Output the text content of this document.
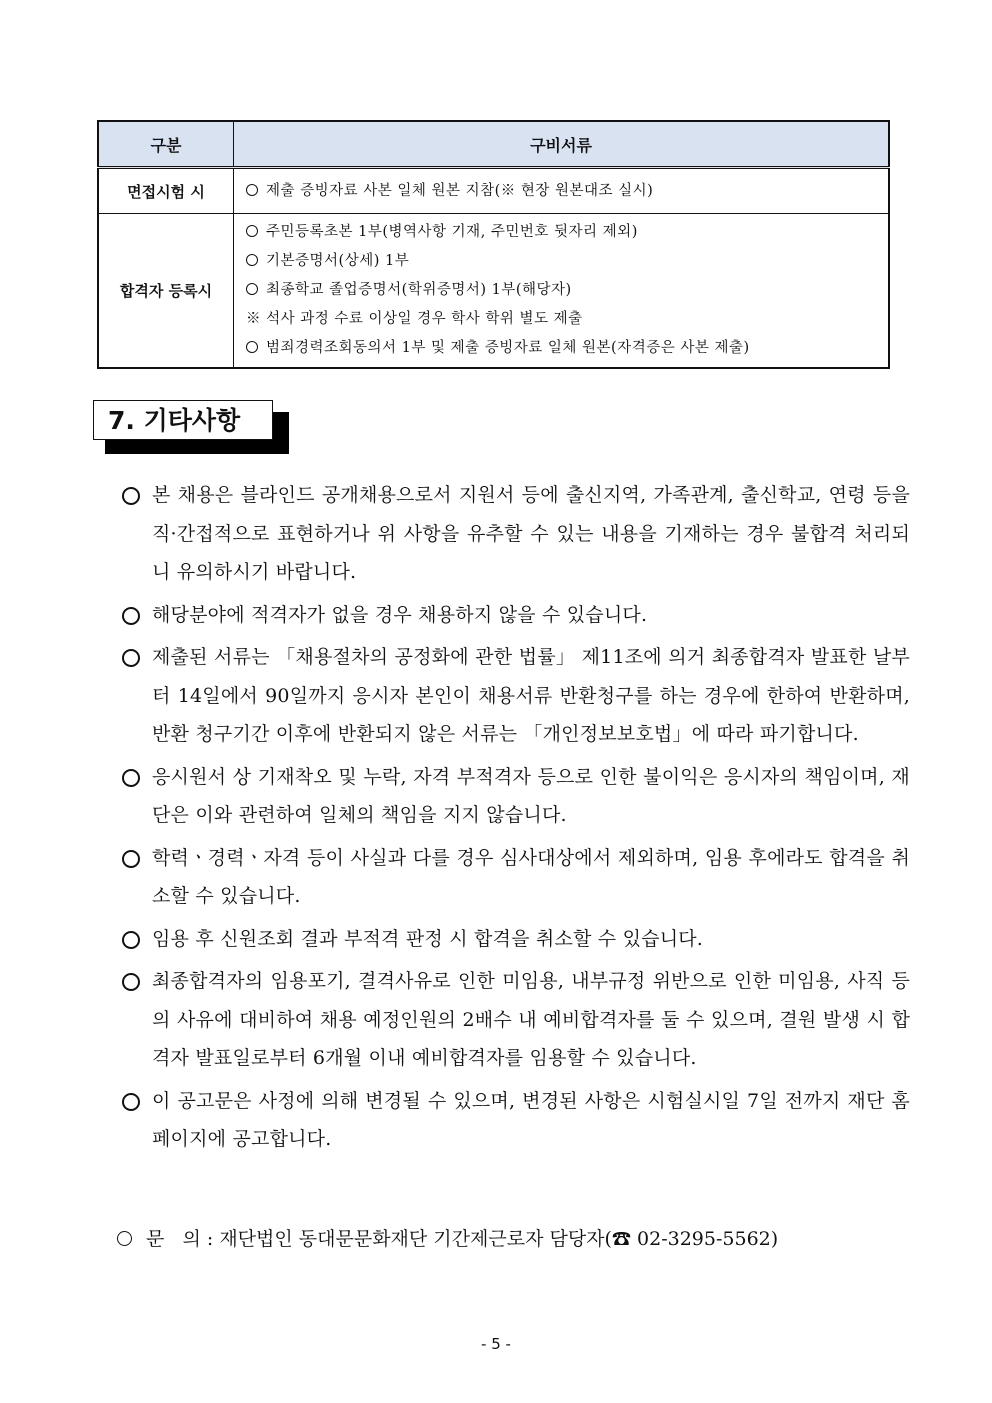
구분	구비서류
면접시험 시	제출 증빙자료 사본 일체 원본 지참(※ 현장 원본대조 실시)

합격자 등록시	주민등록초본 1부(병역사항 기재, 주민번호 뒷자리 제외)
기본증명서(상세) 1부
최종학교 졸업증명서(학위증명서) 1부(해당자)
※ 석사 과정 수료 이상일 경우 학사 학위 별도 제출
범죄경력조회동의서 1부 및 제출 증빙자료 일체 원본(자격증은 사본 제출)
7. 기타사항
본 채용은 블라인드 공개채용으로서 지원서 등에 출신지역, 가족관계, 출신학교, 연령 등을 직·간접적으로 표현하거나 위 사항을 유추할 수 있는 내용을 기재하는 경우 불합격 처리되니 유의하시기 바랍니다.
해당분야에 적격자가 없을 경우 채용하지 않을 수 있습니다.
제출된 서류는 「채용절차의 공정화에 관한 법률」 제11조에 의거 최종합격자 발표한 날부터 14일에서 90일까지 응시자 본인이 채용서류 반환청구를 하는 경우에 한하여 반환하며, 반환 청구기간 이후에 반환되지 않은 서류는 「개인정보보호법」에 따라 파기합니다.
응시원서 상 기재착오 및 누락, 자격 부적격자 등으로 인한 불이익은 응시자의 책임이며, 재단은 이와 관련하여 일체의 책임을 지지 않습니다.
학력ㆍ경력ㆍ자격 등이 사실과 다를 경우 심사대상에서 제외하며, 임용 후에라도 합격을 취소할 수 있습니다.
임용 후 신원조회 결과 부적격 판정 시 합격을 취소할 수 있습니다.
최종합격자의 임용포기, 결격사유로 인한 미임용, 내부규정 위반으로 인한 미임용, 사직 등의 사유에 대비하여 채용 예정인원의 2배수 내 예비합격자를 둘 수 있으며, 결원 발생 시 합격자 발표일로부터 6개월 이내 예비합격자를 임용할 수 있습니다.
이 공고문은 사정에 의해 변경될 수 있으며, 변경된 사항은 시험실시일 7일 전까지 재단 홈페이지에 공고합니다.
문   의 : 재단법인 동대문문화재단 기간제근로자 담당자(☎ 02-3295-5562)
- 5 -
